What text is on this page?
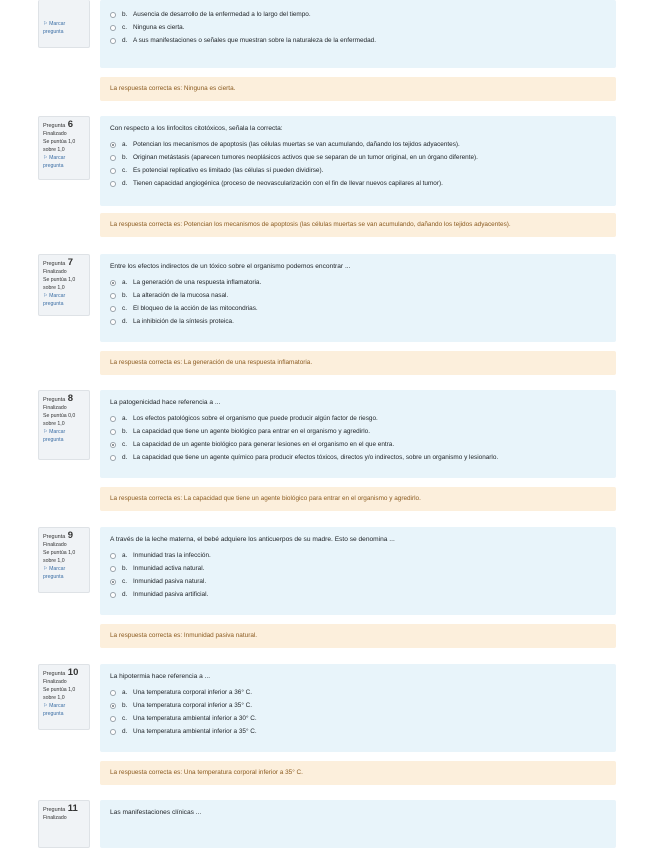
⚐ Marcar pregunta
b. Ausencia de desarrollo de la enfermedad a lo largo del tiempo.
c. Ninguna es cierta.
d. A sus manifestaciones o señales que muestran sobre la naturaleza de la enfermedad.
La respuesta correcta es: Ninguna es cierta.
Pregunta 6
Finalizado
Se puntúa 1,0 sobre 1,0
⚐ Marcar pregunta
Con respecto a los linfocitos citotóxicos, señala la correcta:
a. Potencian los mecanismos de apoptosis (las células muertas se van acumulando, dañando los tejidos adyacentes).
b. Originan metástasis (aparecen tumores neoplásicos activos que se separan de un tumor original, en un órgano diferente).
c. Es potencial replicativo es limitado (las células sí pueden dividirse).
d. Tienen capacidad angiogénica (proceso de neovascularización con el fin de llevar nuevos capilares al tumor).
La respuesta correcta es: Potencian los mecanismos de apoptosis (las células muertas se van acumulando, dañando los tejidos adyacentes).
Pregunta 7
Finalizado
Se puntúa 1,0 sobre 1,0
⚐ Marcar pregunta
Entre los efectos indirectos de un tóxico sobre el organismo podemos encontrar ...
a. La generación de una respuesta inflamatoria.
b. La alteración de la mucosa nasal.
c. El bloqueo de la acción de las mitocondrias.
d. La inhibición de la síntesis proteica.
La respuesta correcta es: La generación de una respuesta inflamatoria.
Pregunta 8
Finalizado
Se puntúa 0,0 sobre 1,0
⚐ Marcar pregunta
La patogenicidad hace referencia a ...
a. Los efectos patológicos sobre el organismo que puede producir algún factor de riesgo.
b. La capacidad que tiene un agente biológico para entrar en el organismo y agredirlo.
c. La capacidad de un agente biológico para generar lesiones en el organismo en el que entra.
d. La capacidad que tiene un agente químico para producir efectos tóxicos, directos y/o indirectos, sobre un organismo y lesionarlo.
La respuesta correcta es: La capacidad que tiene un agente biológico para entrar en el organismo y agredirlo.
Pregunta 9
Finalizado
Se puntúa 1,0 sobre 1,0
⚐ Marcar pregunta
A través de la leche materna, el bebé adquiere los anticuerpos de su madre. Esto se denomina ...
a. Inmunidad tras la infección.
b. Inmunidad activa natural.
c. Inmunidad pasiva natural.
d. Inmunidad pasiva artificial.
La respuesta correcta es: Inmunidad pasiva natural.
Pregunta 10
Finalizado
Se puntúa 1,0 sobre 1,0
⚐ Marcar pregunta
La hipotermia hace referencia a ...
a. Una temperatura corporal inferior a 36° C.
b. Una temperatura corporal inferior a 35° C.
c. Una temperatura ambiental inferior a 30° C.
d. Una temperatura ambiental inferior a 35° C.
La respuesta correcta es: Una temperatura corporal inferior a 35° C.
Pregunta 11
Finalizado
Las manifestaciones clínicas ...
